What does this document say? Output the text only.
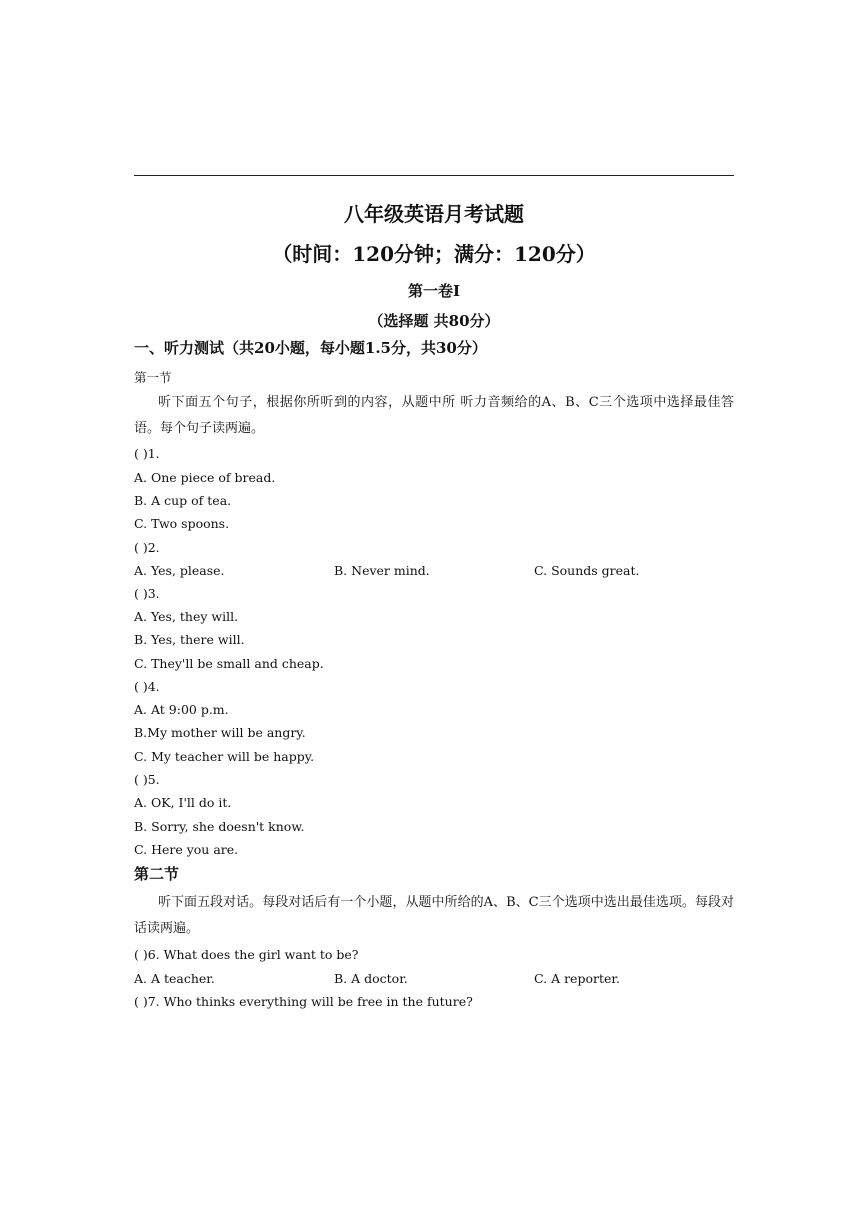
八年级英语月考试题
（时间：120分钟；满分：120分）
第一卷Ⅰ
（选择题 共80分）
一、听力测试（共20小题，每小题1.5分，共30分）
第一节
听下面五个句子，根据你所听到的内容，从题中所 听力音频给的A、B、C三个选项中选择最佳答语。每个句子读两遍。
( )1.
A. One piece of bread.
B. A cup of tea.
C. Two spoons.
( )2.
A. Yes, please.	B. Never mind.	C. Sounds great.
( )3.
A. Yes, they will.
B. Yes, there will.
C. They'll be small and cheap.
( )4.
A. At 9:00 p.m.
B.My mother will be angry.
C. My teacher will be happy.
( )5.
A. OK, I'll do it.
B. Sorry, she doesn't know.
C. Here you are.
第二节
听下面五段对话。每段对话后有一个小题，从题中所给的A、B、C三个选项中选出最佳选项。每段对话读两遍。
( )6. What does the girl want to be?
A. A teacher.	B. A doctor.	C. A reporter.
( )7. Who thinks everything will be free in the future?
